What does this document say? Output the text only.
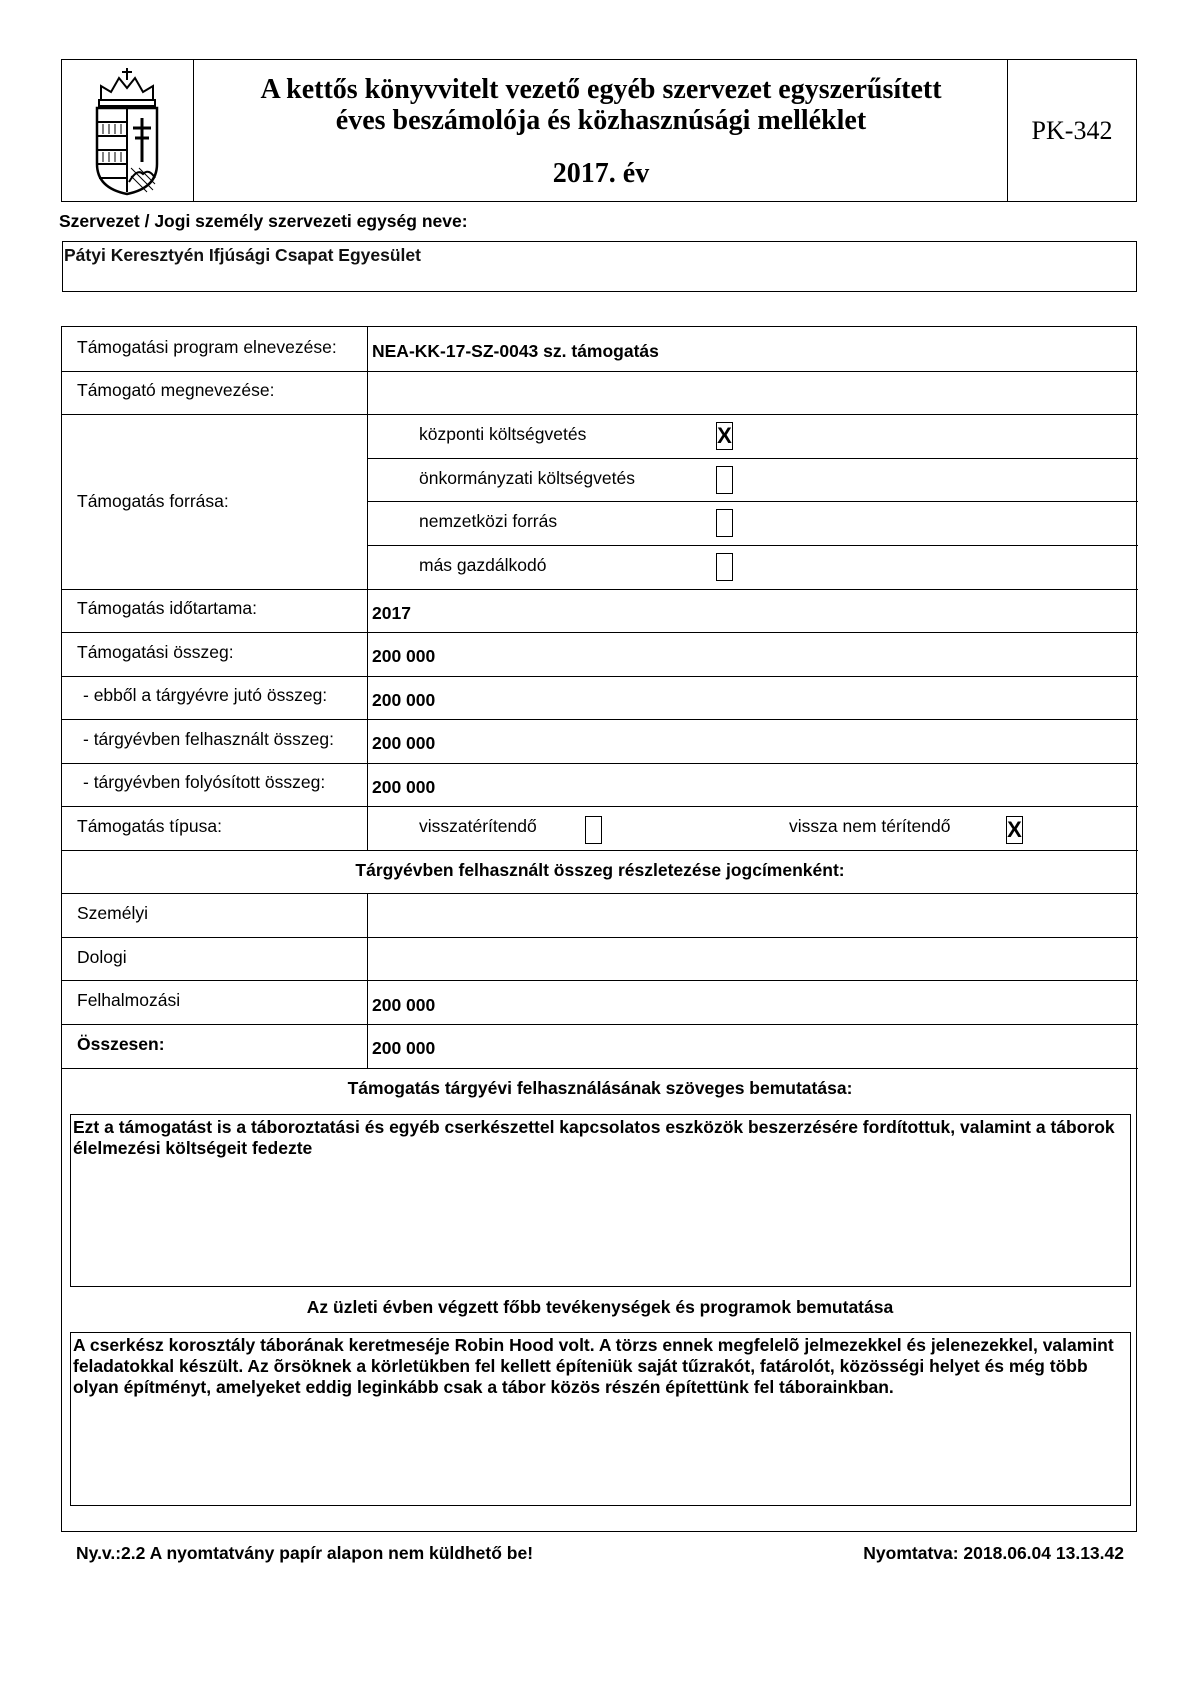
A kettős könyvvitelt vezető egyéb szervezet egyszerűsített
éves beszámolója és közhasznúsági melléklet
2017. év
PK-342
Szervezet / Jogi személy szervezeti egység neve:
Pátyi Keresztyén Ifjúsági Csapat Egyesület
Támogatási program elnevezése: NEA-KK-17-SZ-0043 sz. támogatás
Támogató megnevezése:
Támogatás forrása:
központi költségvetés	X
önkormányzati költségvetés
nemzetközi forrás
más gazdálkodó
Támogatás időtartama:	2017
Támogatási összeg:	200 000
- ebből a tárgyévre jutó összeg:	200 000
- tárgyévben felhasznált összeg: 200 000
- tárgyévben folyósított összeg:	200 000
Támogatás típusa:	visszatérítendő	vissza nem térítendő	X
Tárgyévben felhasznált összeg részletezése jogcímenként:
Személyi
Dologi
Felhalmozási	200 000
Összesen:	200 000
Támogatás tárgyévi felhasználásának szöveges bemutatása:
Ezt a támogatást is a táboroztatási és egyéb cserkészettel kapcsolatos eszközök beszerzésére fordítottuk, valamint a táborok élelmezési költségeit fedezte
Az üzleti évben végzett főbb tevékenységek és programok bemutatása
A cserkész korosztály táborának keretmeséje Robin Hood volt. A törzs ennek megfelelõ jelmezekkel és jelenezekkel, valamint feladatokkal készült. Az õrsöknek a körletükben fel kellett építeniük saját tűzrakót, fatárolót, közösségi helyet és még több olyan építményt, amelyeket eddig leginkább csak a tábor közös részén építettünk fel táborainkban.
Ny.v.:2.2 A nyomtatvány papír alapon nem küldhető be!	Nyomtatva: 2018.06.04 13.13.42
